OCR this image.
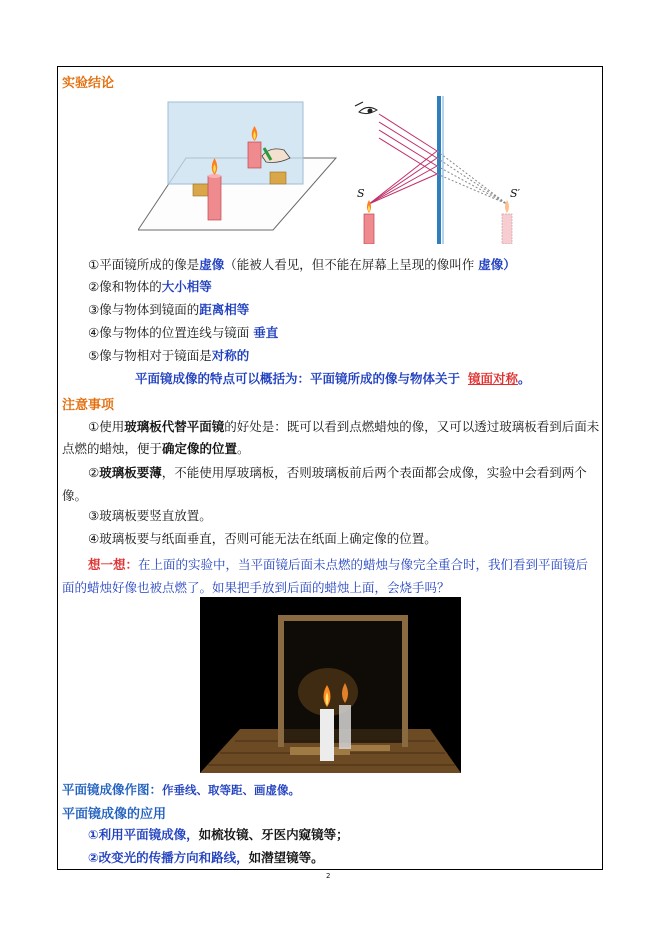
实验结论
S	S′
①平面镜所成的像是虚像（能被人看见，但不能在屏幕上呈现的像叫作 虚像）
②像和物体的大小相等
③像与物体到镜面的距离相等
④像与物体的位置连线与镜面 垂直
⑤像与物相对于镜面是对称的
平面镜成像的特点可以概括为：平面镜所成的像与物体关于 镜面对称。
注意事项
①使用玻璃板代替平面镜的好处是：既可以看到点燃蜡烛的像，又可以透过玻璃板看到后面未点燃的蜡烛，便于确定像的位置。
②玻璃板要薄，不能使用厚玻璃板，否则玻璃板前后两个表面都会成像，实验中会看到两个像。
③玻璃板要竖直放置。
④玻璃板要与纸面垂直，否则可能无法在纸面上确定像的位置。
想一想：在上面的实验中，当平面镜后面未点燃的蜡烛与像完全重合时，我们看到平面镜后面的蜡烛好像也被点燃了。如果把手放到后面的蜡烛上面，会烧手吗？
平面镜成像作图：作垂线、取等距、画虚像。
平面镜成像的应用
①利用平面镜成像，如梳妆镜、牙医内窥镜等；
②改变光的传播方向和路线，如潜望镜等。
2
